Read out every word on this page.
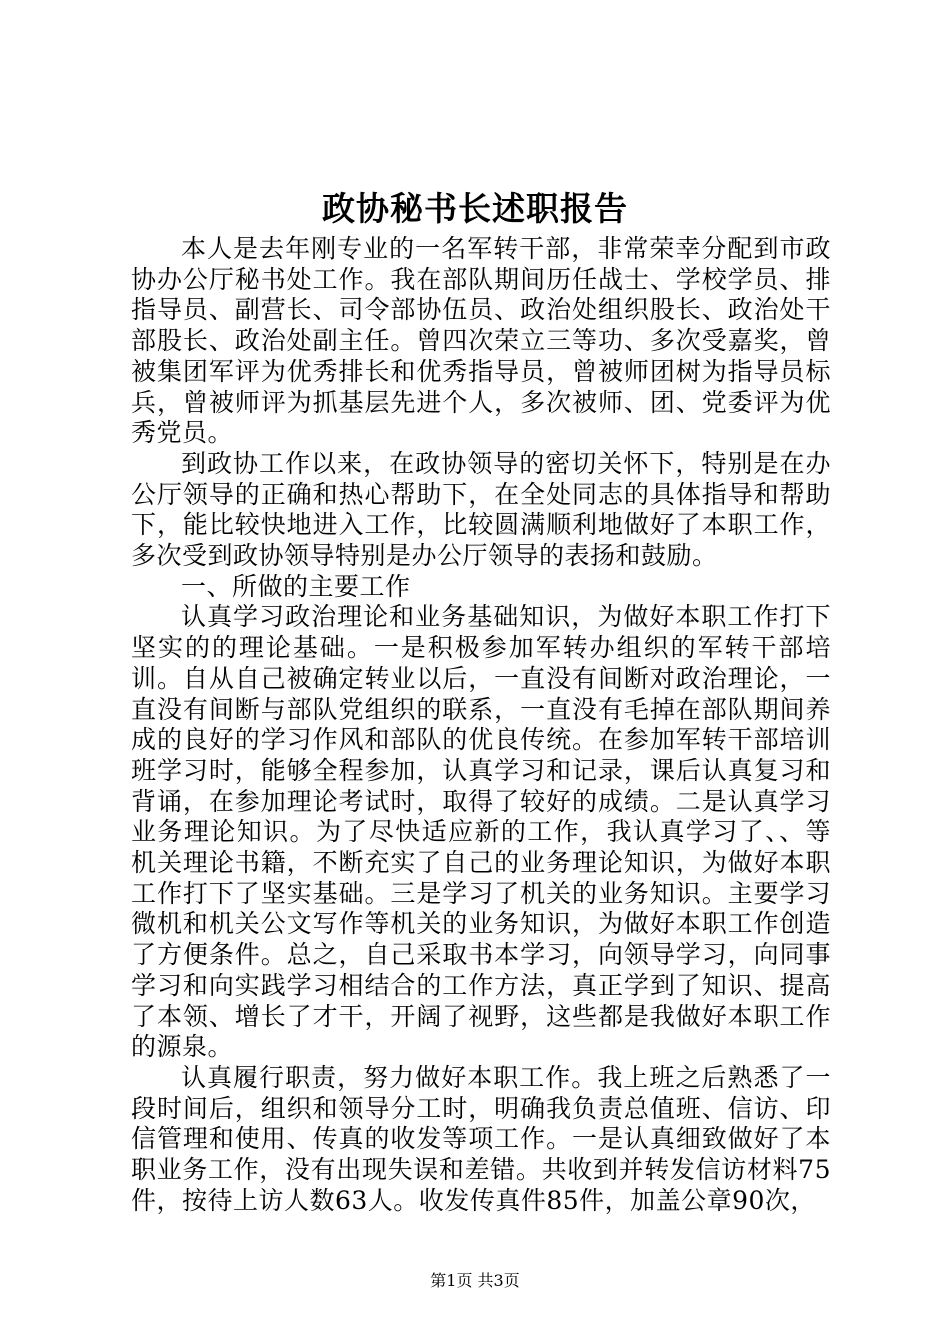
政协秘书长述职报告

本人是去年刚专业的一名军转干部，非常荣幸分配到市政协办公厅秘书处工作。我在部队期间历任战士、学校学员、排指导员、副营长、司令部协伍员、政治处组织股长、政治处干部股长、政治处副主任。曾四次荣立三等功、多次受嘉奖，曾被集团军评为优秀排长和优秀指导员，曾被师团树为指导员标兵，曾被师评为抓基层先进个人，多次被师、团、党委评为优秀党员。

到政协工作以来，在政协领导的密切关怀下，特别是在办公厅领导的正确和热心帮助下，在全处同志的具体指导和帮助下，能比较快地进入工作，比较圆满顺利地做好了本职工作，多次受到政协领导特别是办公厅领导的表扬和鼓励。

一、所做的主要工作

认真学习政治理论和业务基础知识，为做好本职工作打下坚实的的理论基础。一是积极参加军转办组织的军转干部培训。自从自己被确定转业以后，一直没有间断对政治理论，一直没有间断与部队党组织的联系，一直没有毛掉在部队期间养成的良好的学习作风和部队的优良传统。在参加军转干部培训班学习时，能够全程参加，认真学习和记录，课后认真复习和背诵，在参加理论考试时，取得了较好的成绩。二是认真学习业务理论知识。为了尽快适应新的工作，我认真学习了、、等机关理论书籍，不断充实了自己的业务理论知识，为做好本职工作打下了坚实基础。三是学习了机关的业务知识。主要学习微机和机关公文写作等机关的业务知识，为做好本职工作创造了方便条件。总之，自己采取书本学习，向领导学习，向同事学习和向实践学习相结合的工作方法，真正学到了知识、提高了本领、增长了才干，开阔了视野，这些都是我做好本职工作的源泉。

认真履行职责，努力做好本职工作。我上班之后熟悉了一段时间后，组织和领导分工时，明确我负责总值班、信访、印信管理和使用、传真的收发等项工作。一是认真细致做好了本职业务工作，没有出现失误和差错。共收到并转发信访材料75件，按待上访人数63人。收发传真件85件，加盖公章90次，

第1页 共3页
